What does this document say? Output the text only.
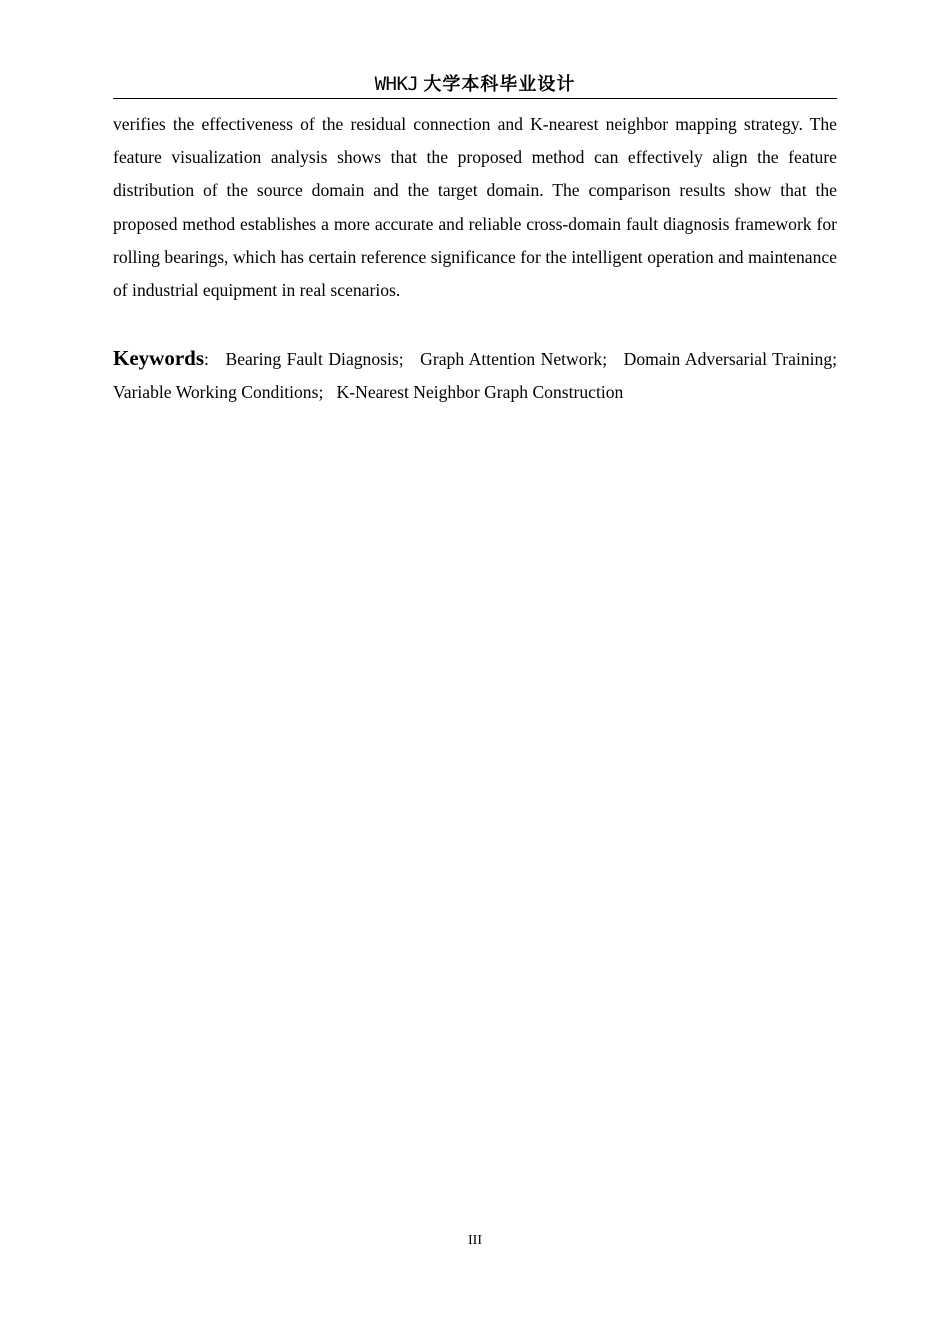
WHKJ 大学本科毕业设计

verifies the effectiveness of the residual connection and K-nearest neighbor mapping strategy. The feature visualization analysis shows that the proposed method can effectively align the feature distribution of the source domain and the target domain. The comparison results show that the proposed method establishes a more accurate and reliable cross-domain fault diagnosis framework for rolling bearings, which has certain reference significance for the intelligent operation and maintenance of industrial equipment in real scenarios.

Keywords: Bearing Fault Diagnosis; Graph Attention Network; Domain Adversarial Training; Variable Working Conditions; K-Nearest Neighbor Graph Construction

III
